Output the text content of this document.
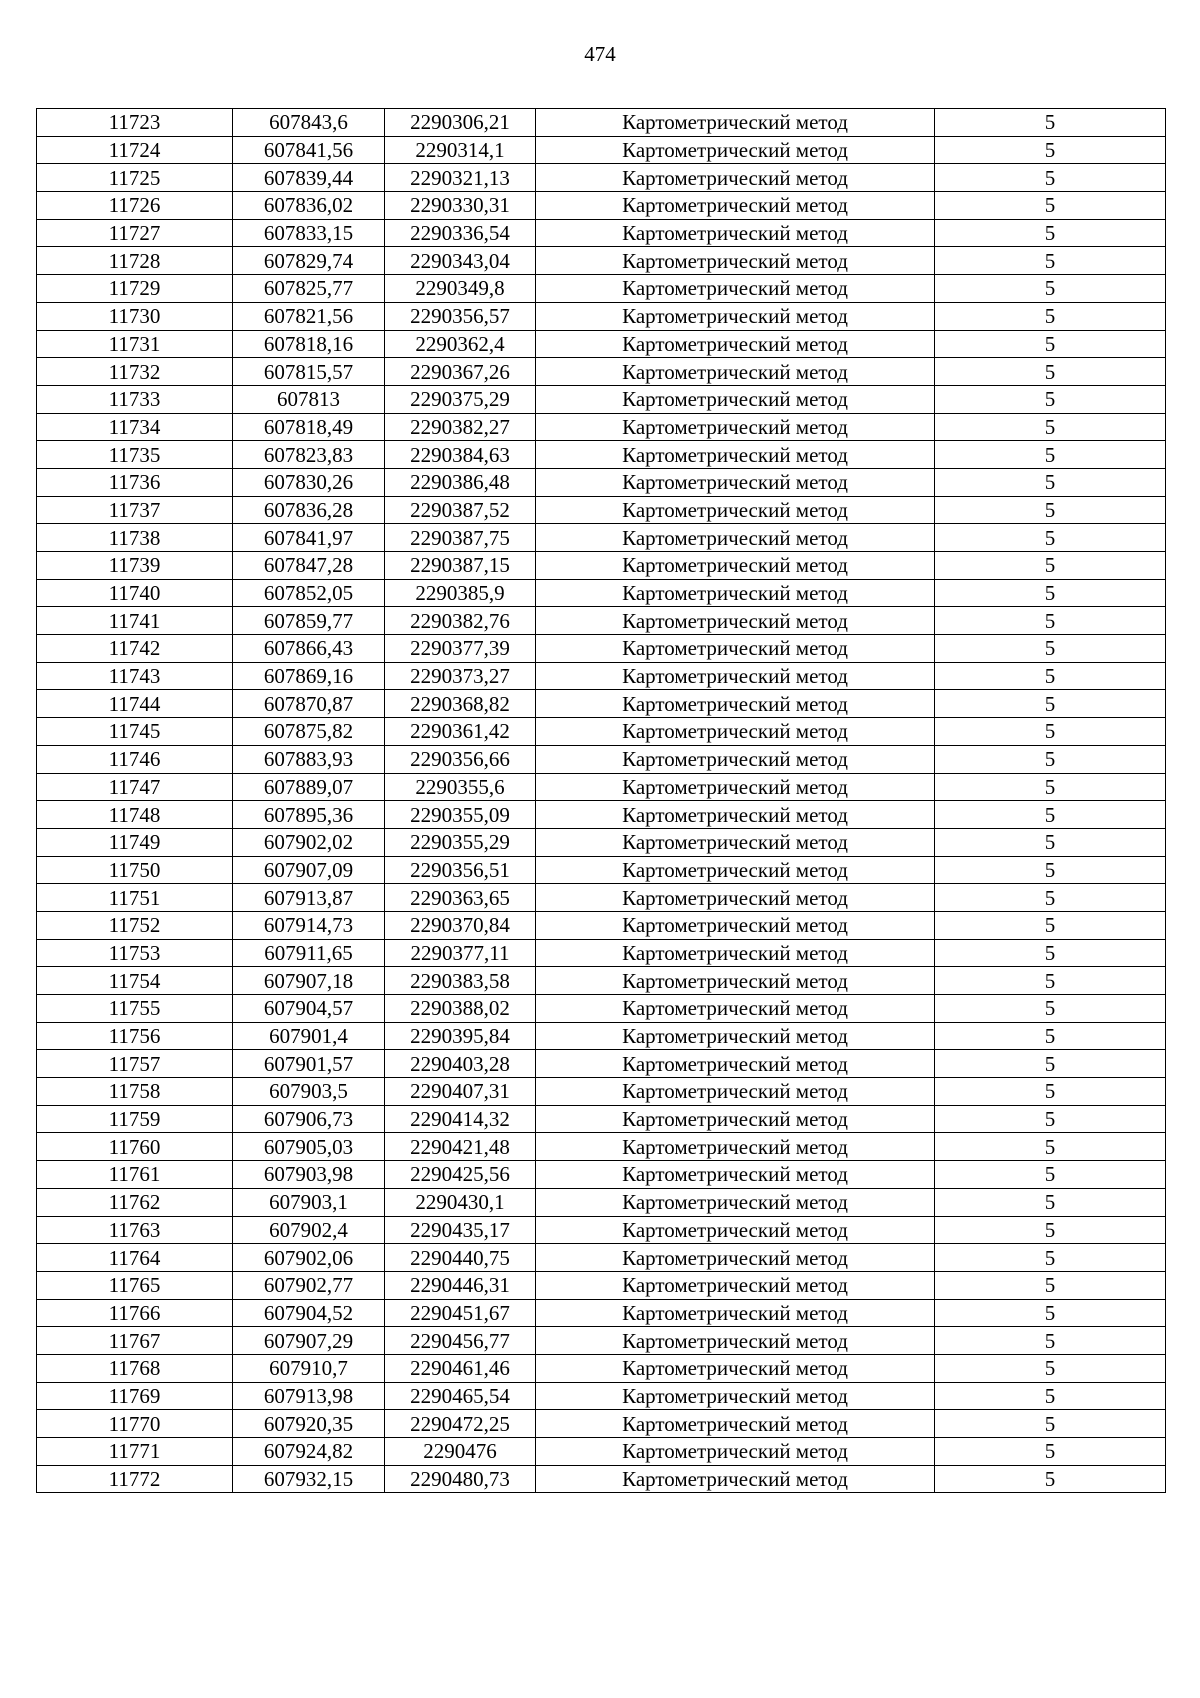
474
11723	607843,6	2290306,21	Картометрический метод	5
11724	607841,56	2290314,1	Картометрический метод	5
11725	607839,44	2290321,13	Картометрический метод	5
11726	607836,02	2290330,31	Картометрический метод	5
11727	607833,15	2290336,54	Картометрический метод	5
11728	607829,74	2290343,04	Картометрический метод	5
11729	607825,77	2290349,8	Картометрический метод	5
11730	607821,56	2290356,57	Картометрический метод	5
11731	607818,16	2290362,4	Картометрический метод	5
11732	607815,57	2290367,26	Картометрический метод	5
11733	607813	2290375,29	Картометрический метод	5
11734	607818,49	2290382,27	Картометрический метод	5
11735	607823,83	2290384,63	Картометрический метод	5
11736	607830,26	2290386,48	Картометрический метод	5
11737	607836,28	2290387,52	Картометрический метод	5
11738	607841,97	2290387,75	Картометрический метод	5
11739	607847,28	2290387,15	Картометрический метод	5
11740	607852,05	2290385,9	Картометрический метод	5
11741	607859,77	2290382,76	Картометрический метод	5
11742	607866,43	2290377,39	Картометрический метод	5
11743	607869,16	2290373,27	Картометрический метод	5
11744	607870,87	2290368,82	Картометрический метод	5
11745	607875,82	2290361,42	Картометрический метод	5
11746	607883,93	2290356,66	Картометрический метод	5
11747	607889,07	2290355,6	Картометрический метод	5
11748	607895,36	2290355,09	Картометрический метод	5
11749	607902,02	2290355,29	Картометрический метод	5
11750	607907,09	2290356,51	Картометрический метод	5
11751	607913,87	2290363,65	Картометрический метод	5
11752	607914,73	2290370,84	Картометрический метод	5
11753	607911,65	2290377,11	Картометрический метод	5
11754	607907,18	2290383,58	Картометрический метод	5
11755	607904,57	2290388,02	Картометрический метод	5
11756	607901,4	2290395,84	Картометрический метод	5
11757	607901,57	2290403,28	Картометрический метод	5
11758	607903,5	2290407,31	Картометрический метод	5
11759	607906,73	2290414,32	Картометрический метод	5
11760	607905,03	2290421,48	Картометрический метод	5
11761	607903,98	2290425,56	Картометрический метод	5
11762	607903,1	2290430,1	Картометрический метод	5
11763	607902,4	2290435,17	Картометрический метод	5
11764	607902,06	2290440,75	Картометрический метод	5
11765	607902,77	2290446,31	Картометрический метод	5
11766	607904,52	2290451,67	Картометрический метод	5
11767	607907,29	2290456,77	Картометрический метод	5
11768	607910,7	2290461,46	Картометрический метод	5
11769	607913,98	2290465,54	Картометрический метод	5
11770	607920,35	2290472,25	Картометрический метод	5
11771	607924,82	2290476	Картометрический метод	5
11772	607932,15	2290480,73	Картометрический метод	5
